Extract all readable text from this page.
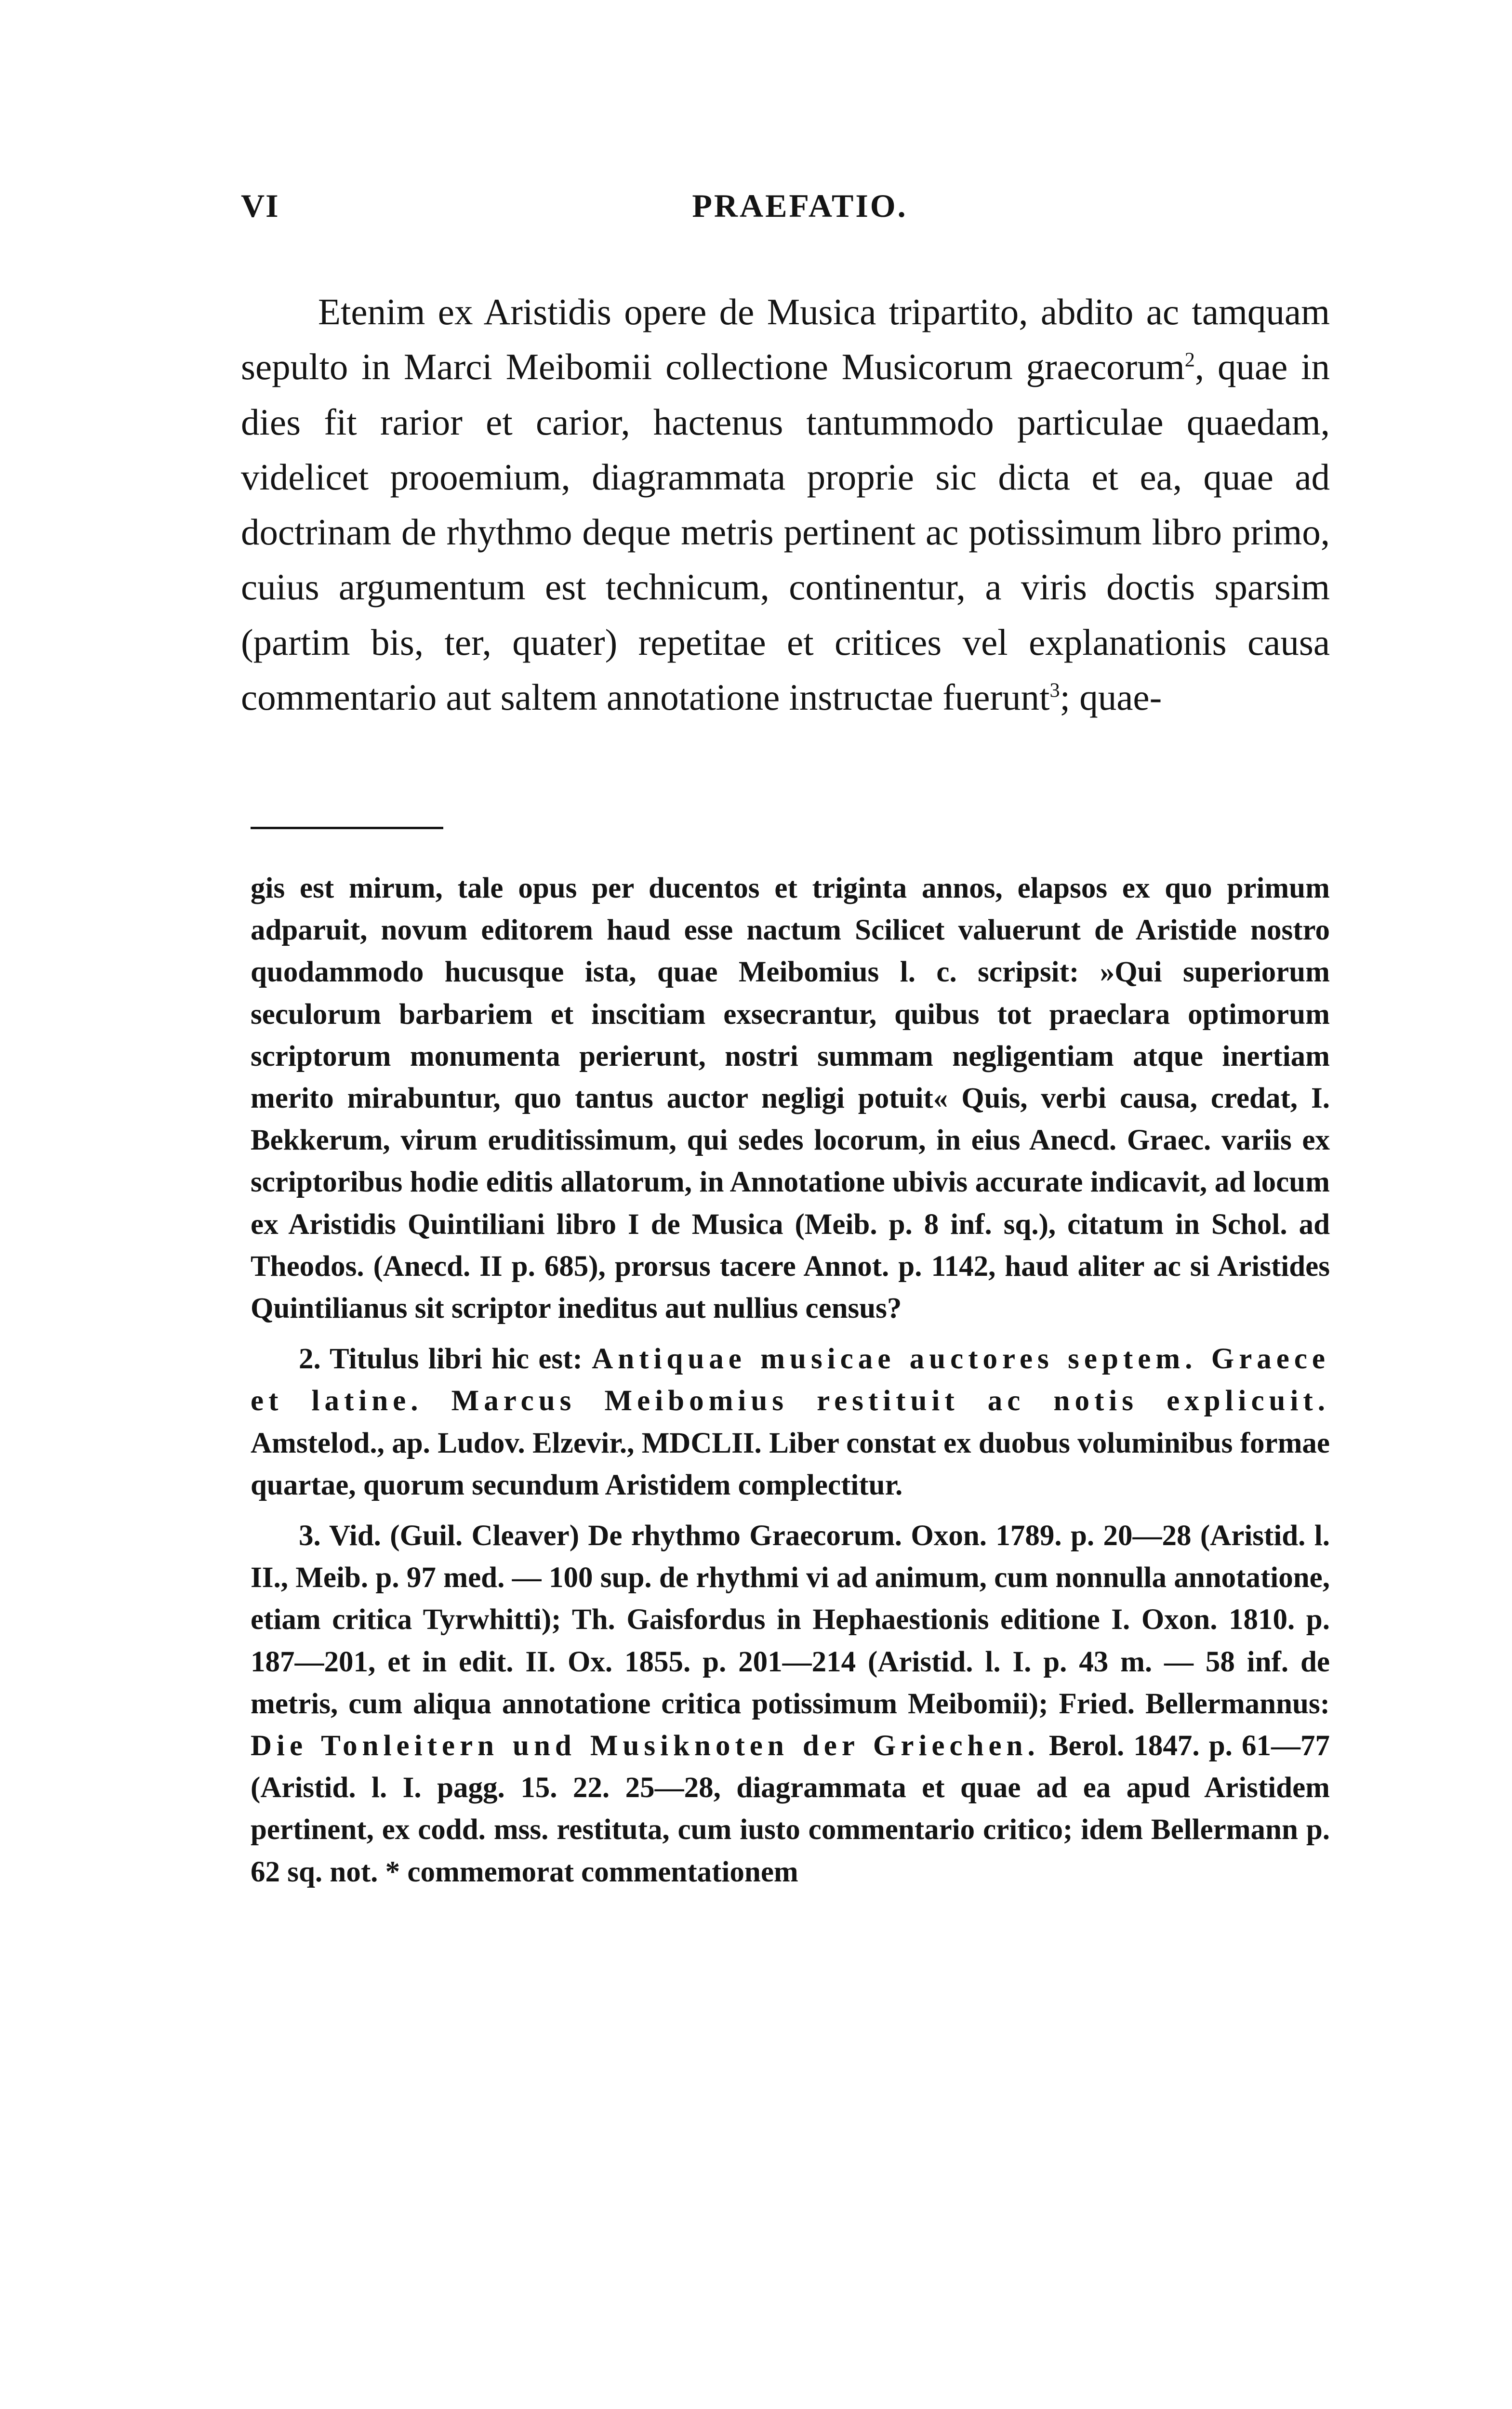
VI	PRAEFATIO.

Etenim ex Aristidis opere de Musica tripartito, abdito ac tamquam sepulto in Marci Meibomii collectione Musicorum graecorum$^2$, quae in dies fit rarior et carior, hactenus tantummodo particulae quaedam, videlicet prooemium, diagrammata proprie sic dicta et ea, quae ad doctrinam de rhythmo deque metris pertinent ac potissimum libro primo, cuius argumentum est technicum, continentur, a viris doctis sparsim (partim bis, ter, quater) repetitae et critices vel explanationis causa commentario aut saltem annotatione instructae fuerunt$^3$; quae-

gis est mirum, tale opus per ducentos et triginta annos, elapsos ex quo primum adparuit, novum editorem haud esse nactum Scilicet valuerunt de Aristide nostro quodammodo hucusque ista, quae Meibomius l. c. scripsit: »Qui superiorum seculorum barbariem et inscitiam exsecrantur, quibus tot praeclara optimorum scriptorum monumenta perierunt, nostri summam negligentiam atque inertiam merito mirabuntur, quo tantus auctor negligi potuit« Quis, verbi causa, credat, I. Bekkerum, virum eruditissimum, qui sedes locorum, in eius Anecd. Graec. variis ex scriptoribus hodie editis allatorum, in Annotatione ubivis accurate indicavit, ad locum ex Aristidis Quintiliani libro I de Musica (Meib. p. 8 inf. sq.), citatum in Schol. ad Theodos. (Anecd. II p. 685), prorsus tacere Annot. p. 1142, haud aliter ac si Aristides Quintilianus sit scriptor ineditus aut nullius census?

2. Titulus libri hic est: Antiquae musicae auctores septem. Graece et latine. Marcus Meibomius restituit ac notis explicuit. Amstelod., ap. Ludov. Elzevir., MDCLII. Liber constat ex duobus voluminibus formae quartae, quorum secundum Aristidem complectitur.

3. Vid. (Guil. Cleaver) De rhythmo Graecorum. Oxon. 1789. p. 20—28 (Aristid. l. II., Meib. p. 97 med. — 100 sup. de rhythmi vi ad animum, cum nonnulla annotatione, etiam critica Tyrwhitti); Th. Gaisfordus in Hephaestionis editione I. Oxon. 1810. p. 187—201, et in edit. II. Ox. 1855. p. 201—214 (Aristid. l. I. p. 43 m. — 58 inf. de metris, cum aliqua annotatione critica potissimum Meibomii); Fried. Bellermannus: Die Tonleitern und Musiknoten der Griechen. Berol. 1847. p. 61—77 (Aristid. l. I. pagg. 15. 22. 25—28, diagrammata et quae ad ea apud Aristidem pertinent, ex codd. mss. restituta, cum iusto commentario critico; idem Bellermann p. 62 sq. not. * commemorat commentationem
